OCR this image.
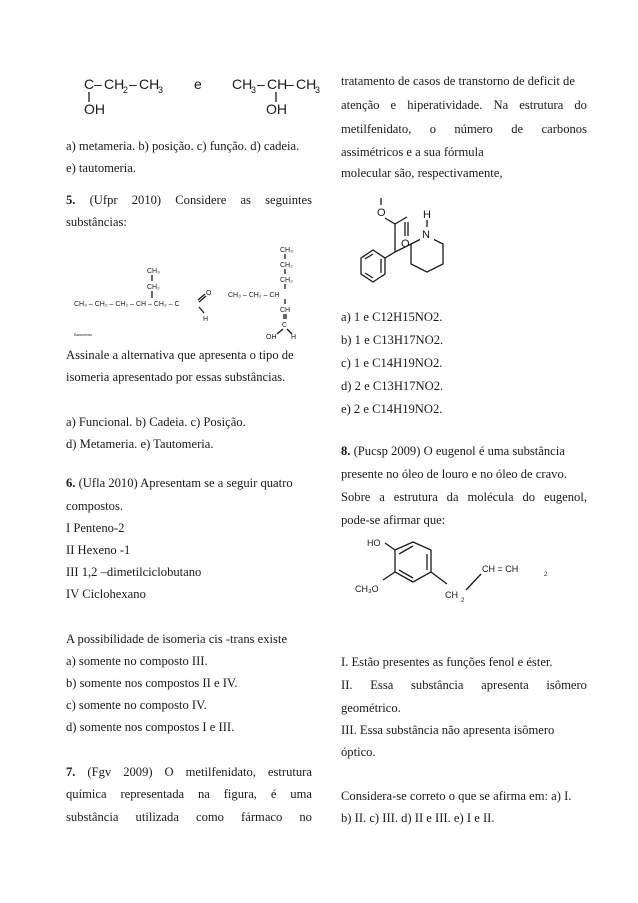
C – CH
2 – CH
3
OH
e CH
3 – CH
– CH
3
OH
a) metameria. b) posição. c) função. d) cadeia.
e) tautomeria.
5. (Ufpr 2010) Considere as seguintes
substâncias:
CH₃
CH₂
CH₃ – CH₂ – CH₂ – CH – CH₂ – C
O
H
Bancofoto
CH₃
CH₂
CH₂
CH₃ – CH₂ – CH
CH
C
OH H
Assinale a alternativa que apresenta o tipo de
isomeria apresentado por essas substâncias.
a) Funcional. b) Cadeia. c) Posição.
d) Metameria. e) Tautomeria.
6. (Ufla 2010) Apresentam se a seguir quatro
compostos.
I Penteno-2
II Hexeno -1
III 1,2 –dimetilciclobutano
IV Ciclohexano
A possibilidade de isomeria cis -trans existe
a) somente no composto III.
b) somente nos compostos II e IV.
c) somente no composto IV.
d) somente nos compostos I e III.
7. (Fgv 2009) O metilfenidato, estrutura
química representada na figura, é uma
substância utilizada como fármaco no
tratamento de casos de transtorno de deficit de
atenção e hiperatividade. Na estrutura do
metilfenidato, o número de carbonos
assimétricos e a sua fórmula
molecular são, respectivamente,
O
O
H
N
a) 1 e C12H15NO2.
b) 1 e C13H17NO2.
c) 1 e C14H19NO2.
d) 2 e C13H17NO2.
e) 2 e C14H19NO2.
8. (Pucsp 2009) O eugenol é uma substância
presente no óleo de louro e no óleo de cravo.
Sobre a estrutura da molécula do eugenol,
pode-se afirmar que:
HO
CH₃O
CH
2
CH = CH
2
I. Estão presentes as funções fenol e éster.
II. Essa substância apresenta isômero
geométrico.
III. Essa substância não apresenta isômero
óptico.
Considera-se correto o que se afirma em: a) I.
b) II. c) III. d) II e III. e) I e II.
